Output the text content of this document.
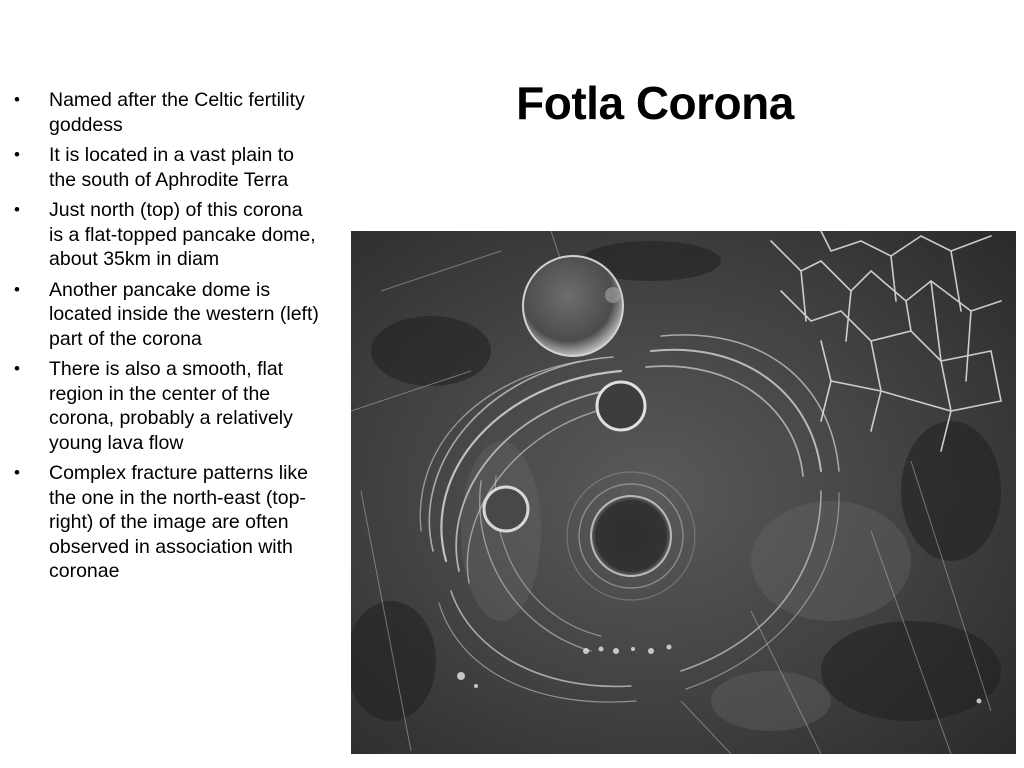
Fotla Corona
• Named after the Celtic fertility goddess
• It is located in a vast plain to the south of Aphrodite Terra
• Just north (top) of this corona is a flat-topped pancake dome, about 35km in diam
• Another pancake dome is located inside the western (left) part of the corona
• There is also a smooth, flat region in the center of the corona, probably a relatively young lava flow
• Complex fracture patterns like the one in the north-east (top-right) of the image are often observed in association with coronae
